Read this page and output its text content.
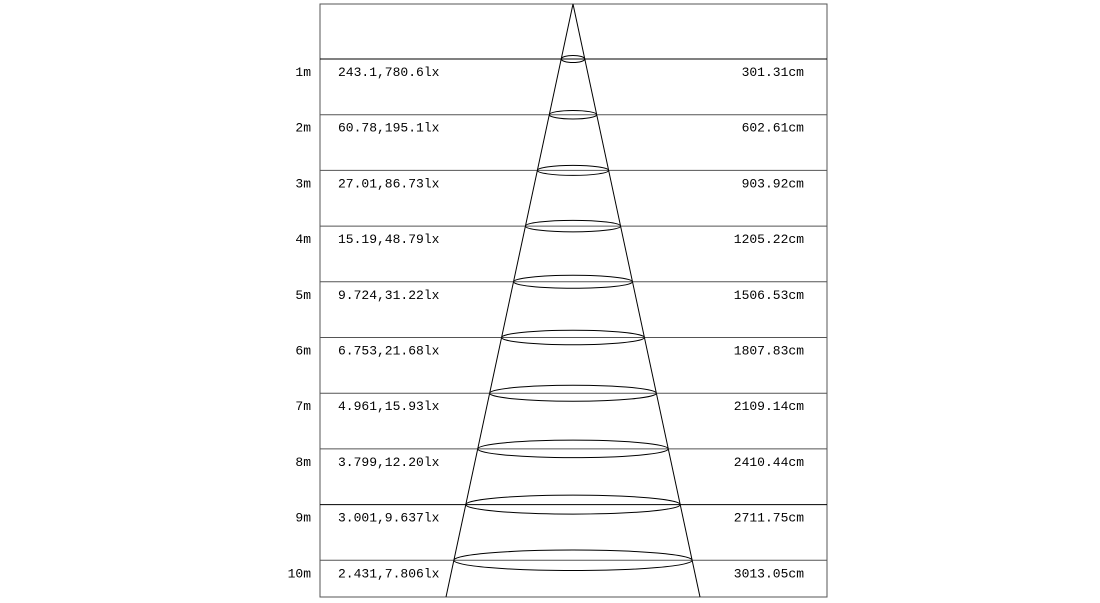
1m 243.1,780.6lx	301.31cm
2m 60.78,195.1lx	602.61cm
3m 27.01,86.73lx	903.92cm
4m 15.19,48.79lx	1205.22cm
5m 9.724,31.22lx	1506.53cm
6m 6.753,21.68lx	1807.83cm
7m 4.961,15.93lx	2109.14cm
8m 3.799,12.20lx	2410.44cm
9m 3.001,9.637lx	2711.75cm
10m 2.431,7.806lx	3013.05cm
